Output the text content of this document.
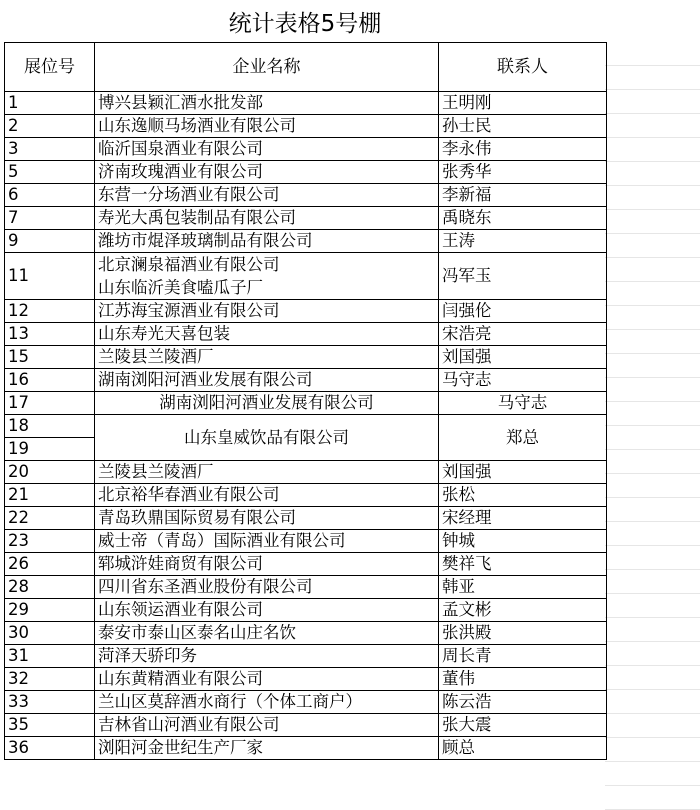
统计表格5号棚
展位号	企业名称	联系人
1	博兴县颖汇酒水批发部	王明刚
2	山东逸顺马场酒业有限公司	孙士民
3	临沂国泉酒业有限公司	李永伟
5	济南玫瑰酒业有限公司	张秀华
6	东营一分场酒业有限公司	李新福
7	寿光大禹包装制品有限公司	禹晓东
9	潍坊市焜泽玻璃制品有限公司	王涛
11	北京澜泉福酒业有限公司
山东临沂美食嗑瓜子厂	冯军玉
12	江苏海宝源酒业有限公司	闫强伦
13	山东寿光天喜包装	宋浩亮
15	兰陵县兰陵酒厂	刘国强
16	湖南浏阳河酒业发展有限公司	马守志
17	湖南浏阳河酒业发展有限公司	马守志
18	山东皇威饮品有限公司	郑总
19		
20	兰陵县兰陵酒厂	刘国强
21	北京裕华春酒业有限公司	张松
22	青岛玖鼎国际贸易有限公司	宋经理
23	威士帝（青岛）国际酒业有限公司	钟城
26	郓城浒娃商贸有限公司	樊祥飞
28	四川省东圣酒业股份有限公司	韩亚
29	山东领运酒业有限公司	孟文彬
30	泰安市泰山区泰名山庄名饮	张洪殿
31	菏泽天骄印务	周长青
32	山东黄精酒业有限公司	董伟
33	兰山区莫辞酒水商行（个体工商户）	陈云浩
35	吉林省山河酒业有限公司	张大震
36	浏阳河金世纪生产厂家	顾总
